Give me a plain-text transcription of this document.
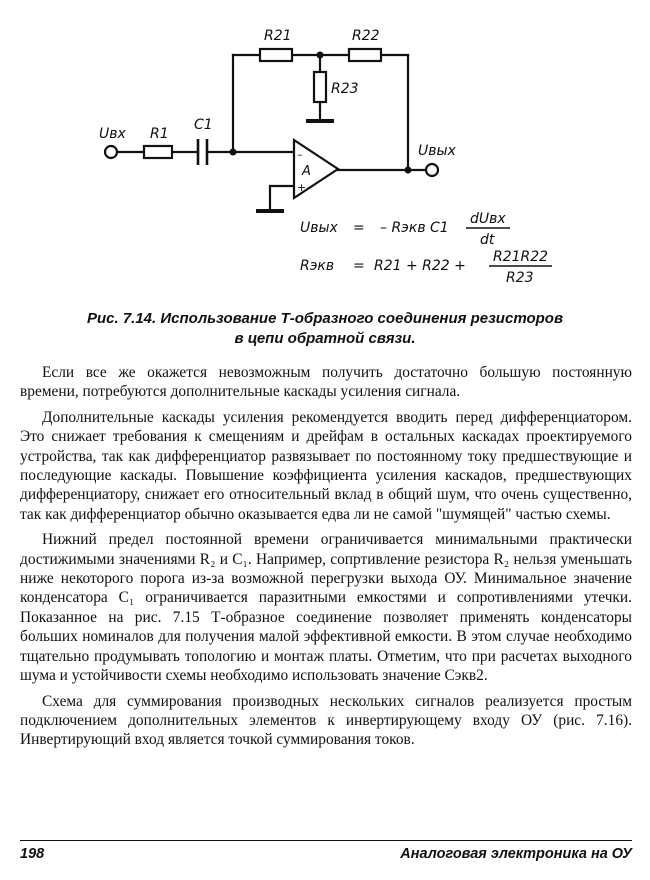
R21	R22
R23
R1
C1
Uвх
Uвых
A
–
+
Uвых = – Rэкв C1
dUвх
dt
Rэкв = R21 + R22 +
R21R22
R23
Рис. 7.14. Использование Т-образного соединения резисторов
в цепи обратной связи.

Если все же окажется невозможным получить достаточно большую постоянную времени, потребуются дополнительные каскады усиления сигнала.

Дополнительные каскады усиления рекомендуется вводить перед дифференциатором. Это снижает требования к смещениям и дрейфам в остальных каскадах проектируемого устройства, так как дифференциатор развязывает по постоянному току предшествующие и последующие каскады. Повышение коэффициента усиления каскадов, предшествующих дифференциатору, снижает его относительный вклад в общий шум, что очень существенно, так как дифференциатор обычно оказывается едва ли не самой "шумящей" частью схемы.

Нижний предел постоянной времени ограничивается минимальными практически достижимыми значениями R₂ и C₁. Например, сопртивление резистора R₂ нельзя уменьшать ниже некоторого порога из-за возможной перегрузки выхода ОУ. Минимальное значение конденсатора C₁ ограничивается паразитными емкостями и сопротивлениями утечки. Показанное на рис. 7.15 Т-образное соединение позволяет применять конденсаторы больших номиналов для получения малой эффективной емкости. В этом случае необходимо тщательно продумывать топологию и монтаж платы. Отметим, что при расчетах выходного шума и устойчивости схемы необходимо использовать значение Cэкв2.

Схема для суммирования производных нескольких сигналов реализуется простым подключением дополнительных элементов к инвертирующему входу ОУ (рис. 7.16). Инвертирующий вход является точкой суммирования токов.

198	Аналоговая электроника на ОУ
